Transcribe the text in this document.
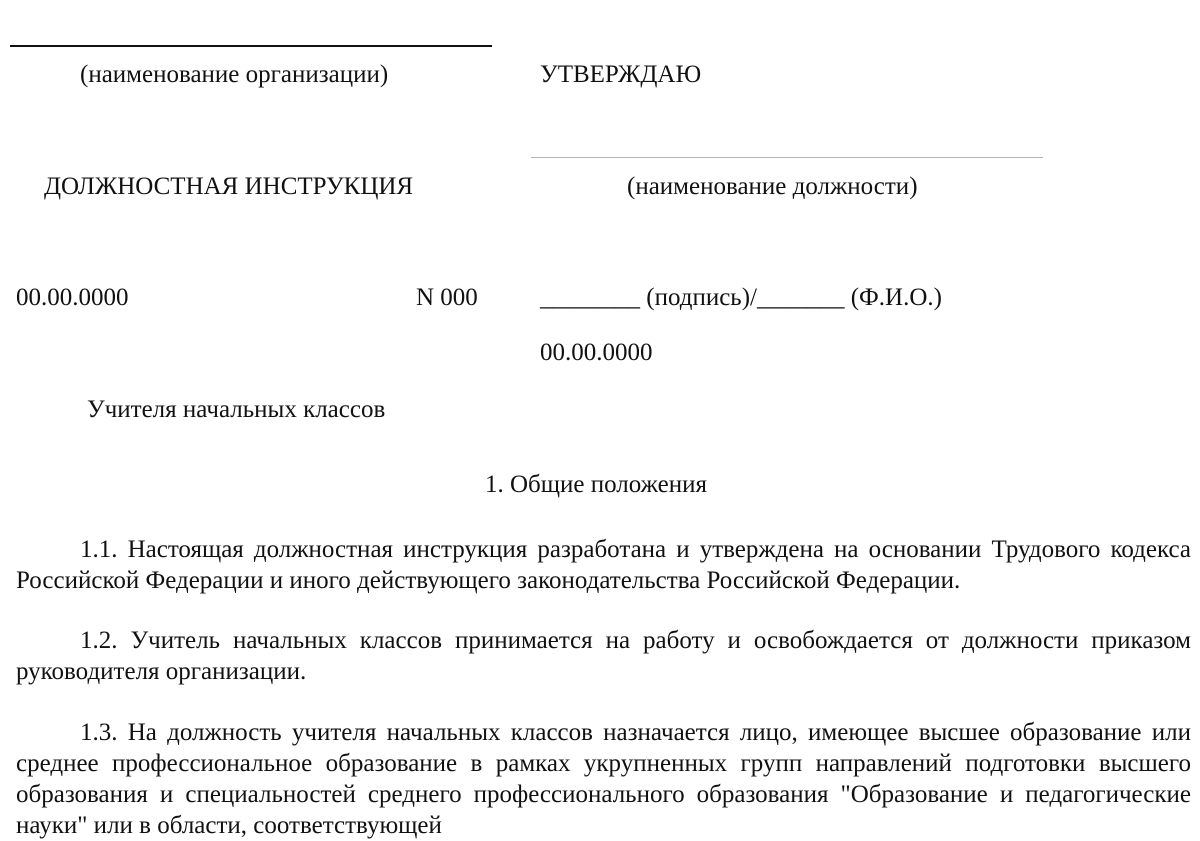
(наименование организации)	УТВЕРЖДАЮ
ДОЛЖНОСТНАЯ ИНСТРУКЦИЯ	(наименование должности)
00.00.0000	N 000 ________ (подпись)/_______ (Ф.И.О.)
00.00.0000
Учителя начальных классов
1. Общие положения

1.1. Настоящая должностная инструкция разработана и утверждена на основании Трудового кодекса Российской Федерации и иного действующего законодательства Российской Федерации.

1.2. Учитель начальных классов принимается на работу и освобождается от должности приказом руководителя организации.

1.3. На должность учителя начальных классов назначается лицо, имеющее высшее образование или среднее профессиональное образование в рамках укрупненных групп направлений подготовки высшего образования и специальностей среднего профессионального образования "Образование и педагогические науки" или в области, соответствующей
